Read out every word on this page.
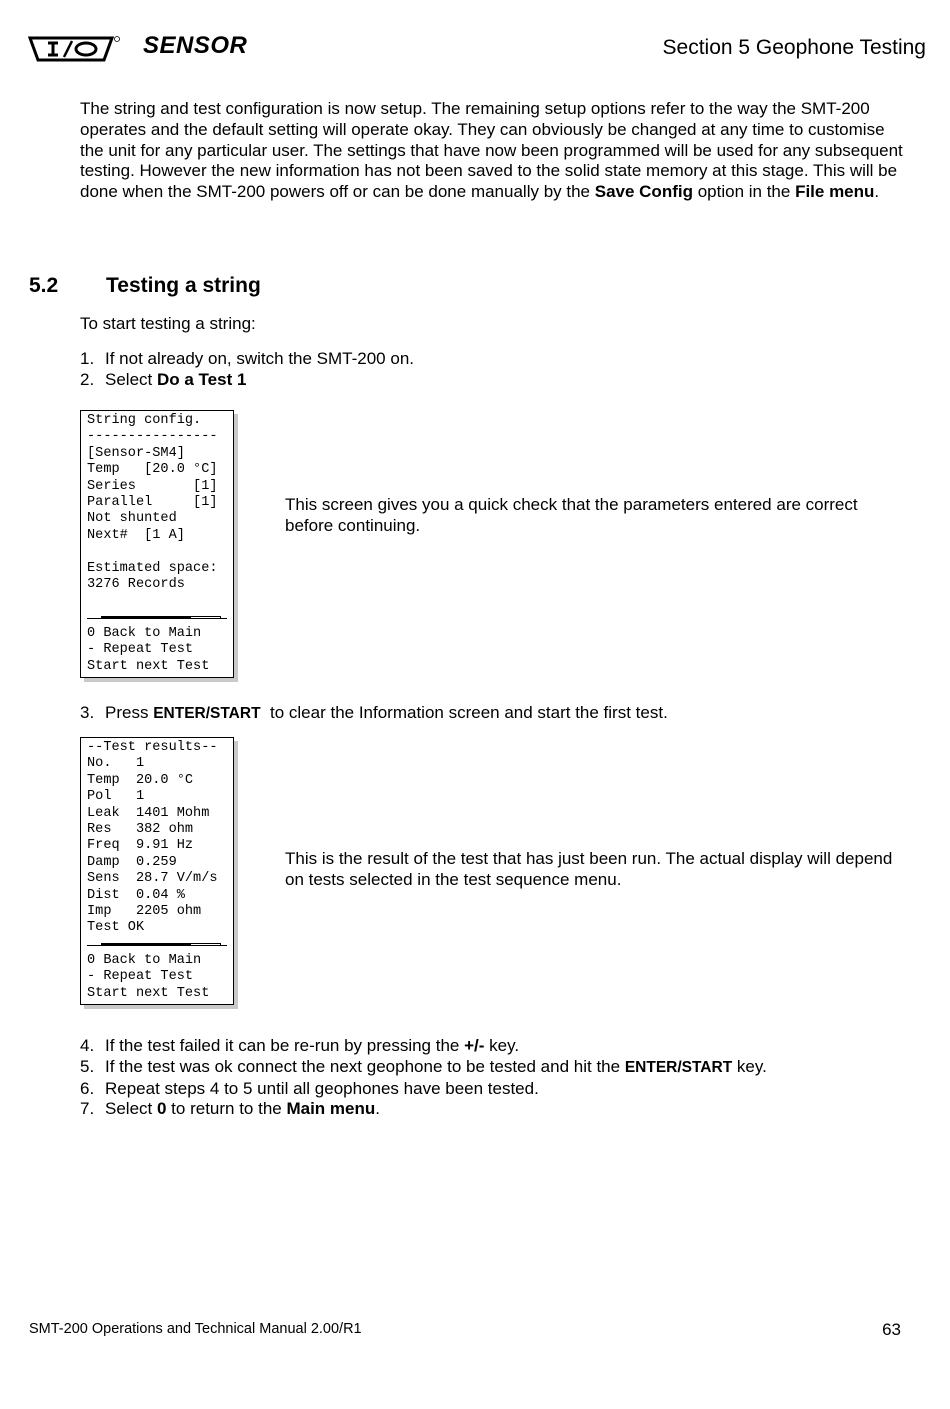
SENSOR	Section 5 Geophone Testing
The string and test configuration is now setup. The remaining setup options refer to the way the SMT-200 operates and the default setting will operate okay. They can obviously be changed at any time to customise the unit for any particular user. The settings that have now been programmed will be used for any subsequent testing. However the new information has not been saved to the solid state memory at this stage. This will be done when the SMT-200 powers off or can be done manually by the Save Config option in the File menu.
5.2 Testing a string
To start testing a string:
1. If not already on, switch the SMT-200 on.
2. Select Do a Test 1
String config.
----------------
[Sensor-SM4]
Temp   [20.0 °C]
Series       [1]
Parallel     [1]
Not shunted
Next#  [1 A]
Estimated space:
3276 Records
0 Back to Main
- Repeat Test
Start next Test
This screen gives you a quick check that the parameters entered are correct before continuing.
3. Press ENTER/START  to clear the Information screen and start the first test.
--Test results--
No.   1
Temp  20.0 °C
Pol   1
Leak  1401 Mohm
Res   382 ohm
Freq  9.91 Hz
Damp  0.259
Sens  28.7 V/m/s
Dist  0.04 %
Imp   2205 ohm
Test OK
0 Back to Main
- Repeat Test
Start next Test
This is the result of the test that has just been run. The actual display will depend on tests selected in the test sequence menu.
4. If the test failed it can be re-run by pressing the +/- key.
5. If the test was ok connect the next geophone to be tested and hit the ENTER/START key.
6. Repeat steps 4 to 5 until all geophones have been tested.
7. Select 0 to return to the Main menu.
SMT-200 Operations and Technical Manual 2.00/R1	63
